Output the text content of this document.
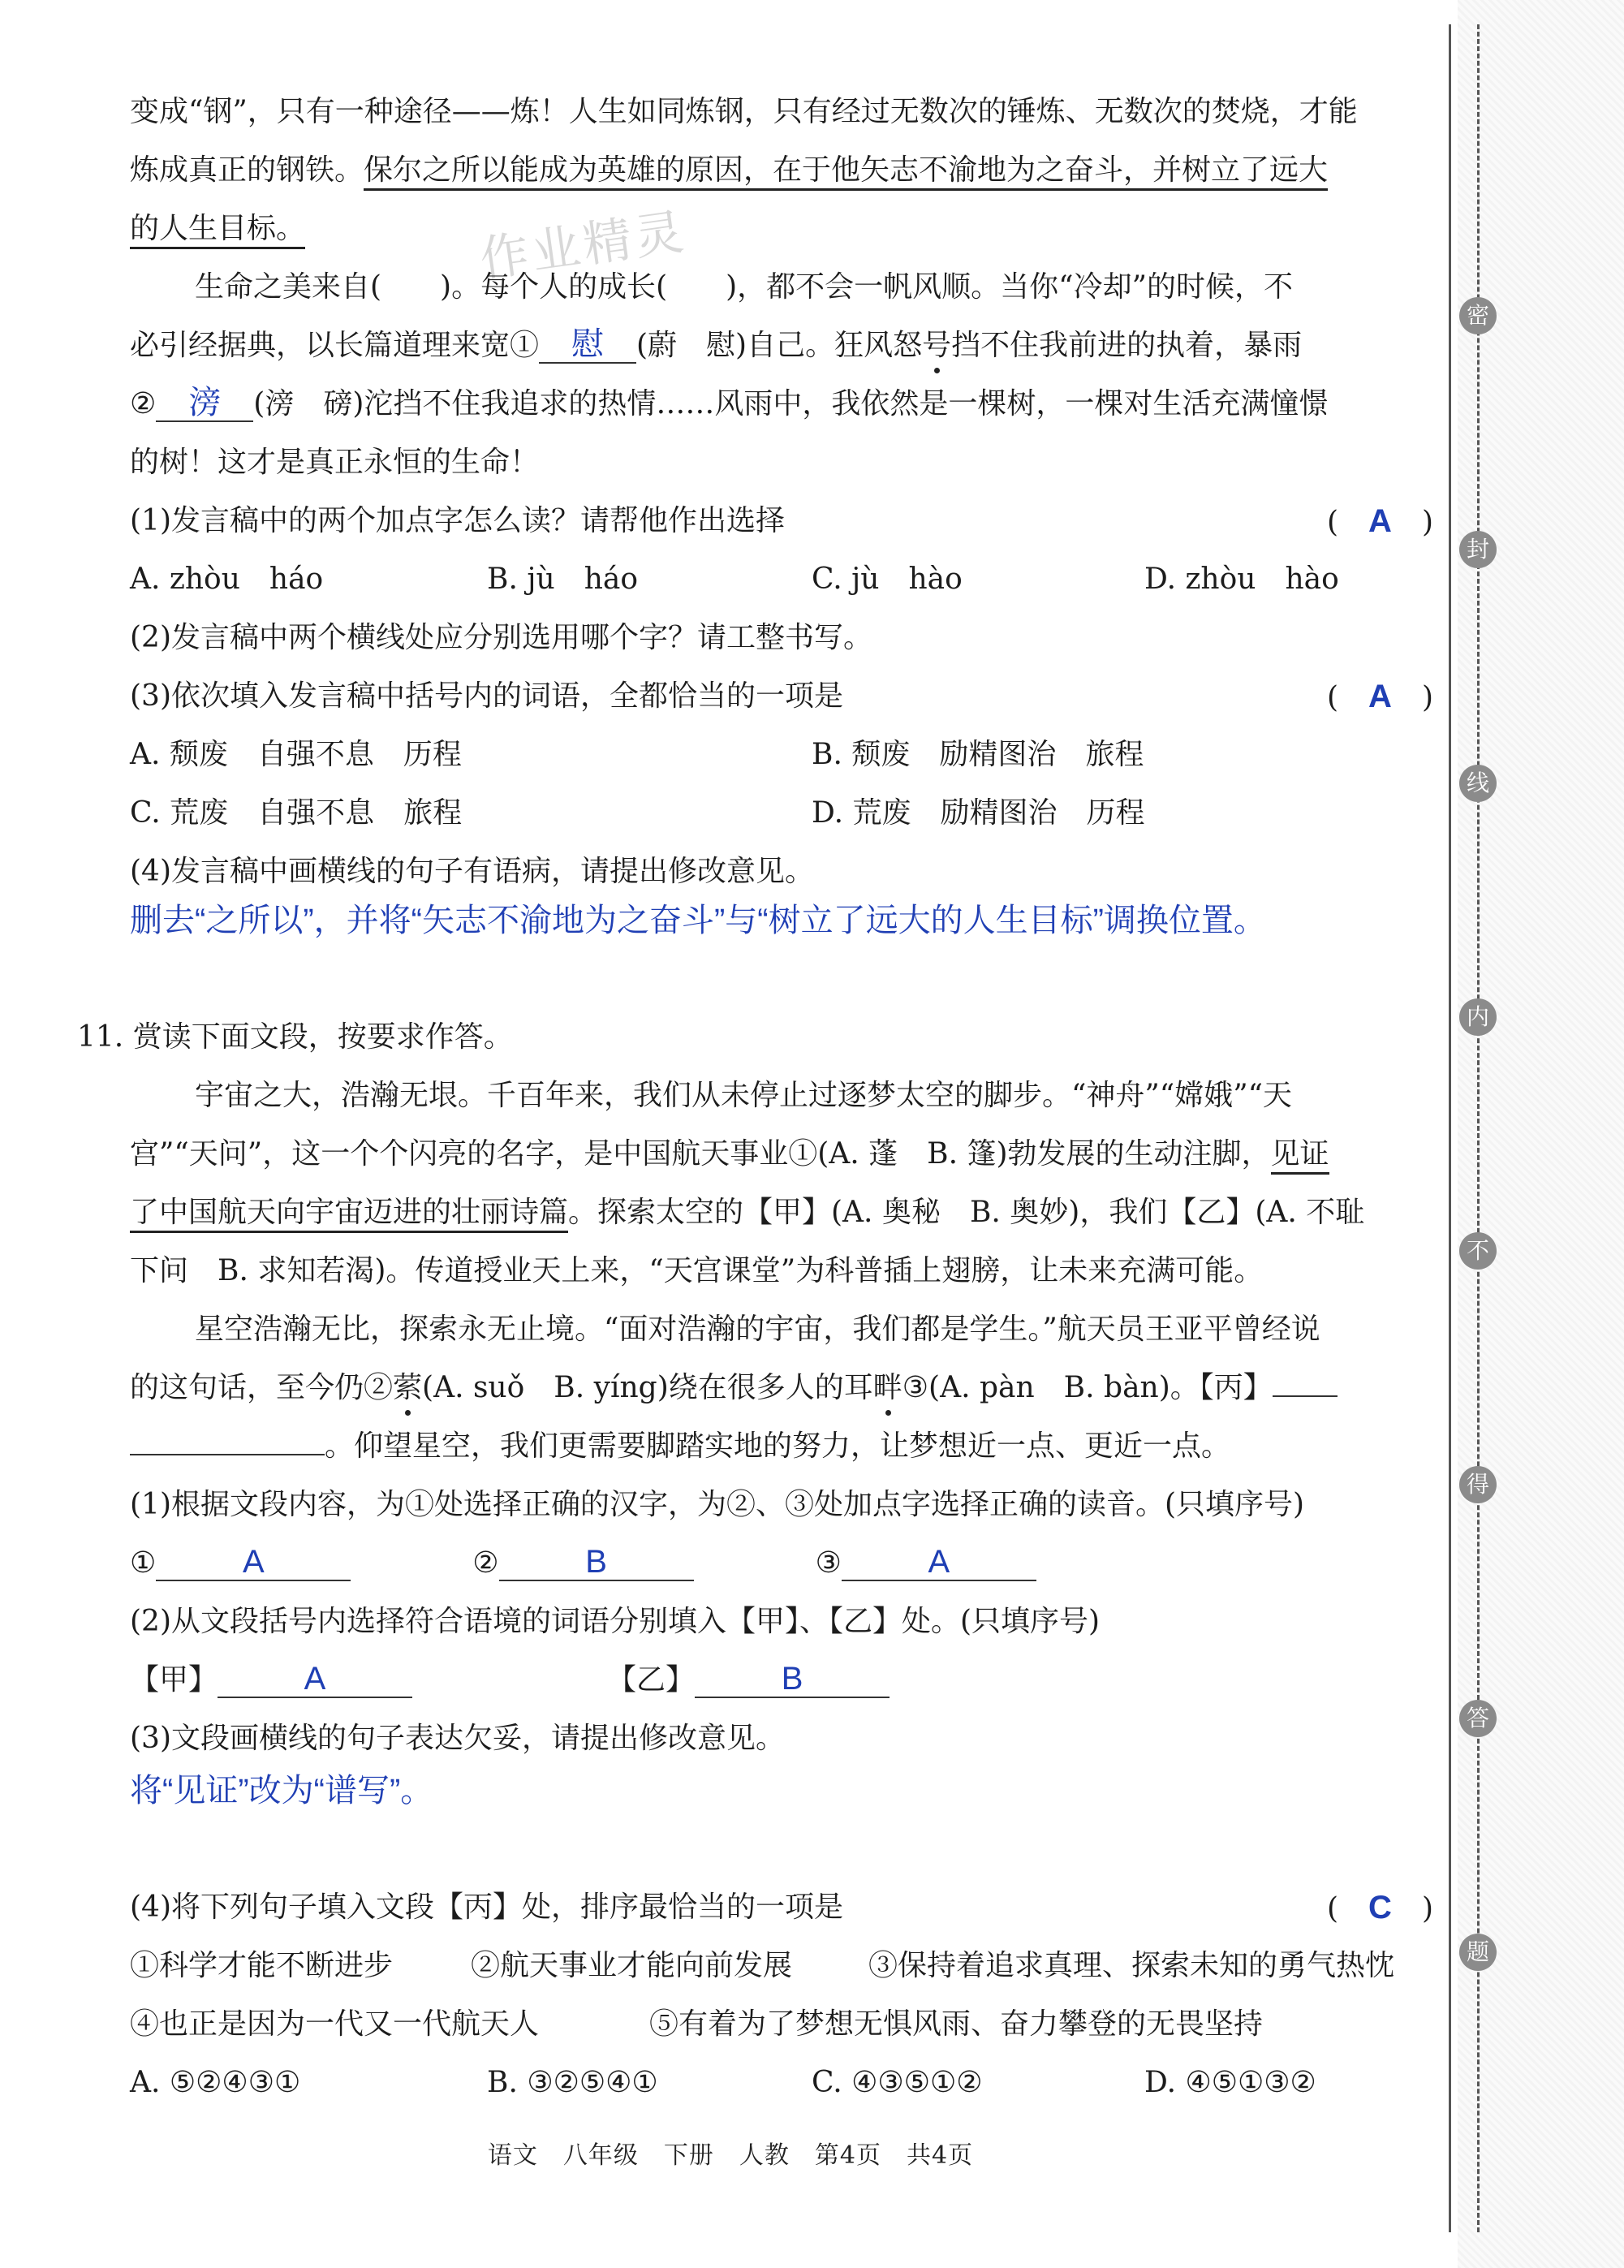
作业精灵
变成“钢”，只有一种途径——炼！人生如同炼钢，只有经过无数次的锤炼、无数次的焚烧，才能
炼成真正的钢铁。保尔之所以能成为英雄的原因，在于他矢志不渝地为之奋斗，并树立了远大
的人生目标。
生命之美来自(　　)。每个人的成长(　　)，都不会一帆风顺。当你“冷却”的时候，不
必引经据典，以长篇道理来宽① 慰 (蔚　慰)自己。狂风怒号挡不住我前进的执着，暴雨
② 滂 (滂　磅)沱挡不住我追求的热情……风雨中，我依然是一棵树，一棵对生活充满憧憬
的树！这才是真正永恒的生命！
(1)发言稿中的两个加点字怎么读？请帮他作出选择	( A )
A. zhòu　háo	B. jù　háo	C. jù　hào	D. zhòu　hào
(2)发言稿中两个横线处应分别选用哪个字？请工整书写。
(3)依次填入发言稿中括号内的词语，全都恰当的一项是	( A )
A. 颓废　自强不息　历程	B. 颓废　励精图治　旅程
C. 荒废　自强不息　旅程	D. 荒废　励精图治　历程
(4)发言稿中画横线的句子有语病，请提出修改意见。
删去“之所以”，并将“矢志不渝地为之奋斗”与“树立了远大的人生目标”调换位置。
11. 赏读下面文段，按要求作答。
宇宙之大，浩瀚无垠。千百年来，我们从未停止过逐梦太空的脚步。“神舟”“嫦娥”“天
宫”“天问”，这一个个闪亮的名字，是中国航天事业①(A. 蓬　B. 篷)勃发展的生动注脚，见证
了中国航天向宇宙迈进的壮丽诗篇。探索太空的【甲】(A. 奥秘　B. 奥妙)，我们【乙】(A. 不耻
下问　B. 求知若渴)。传道授业天上来，“天宫课堂”为科普插上翅膀，让未来充满可能。
星空浩瀚无比，探索永无止境。“面对浩瀚的宇宙，我们都是学生。”航天员王亚平曾经说
的这句话，至今仍②萦(A. suǒ　B. yíng)绕在很多人的耳畔③(A. pàn　B. bàn)。【丙】
。仰望星空，我们更需要脚踏实地的努力，让梦想近一点、更近一点。
(1)根据文段内容，为①处选择正确的汉字，为②、③处加点字选择正确的读音。(只填序号)
①	A	②	B	③	A
(2)从文段括号内选择符合语境的词语分别填入【甲】、【乙】处。(只填序号)
【甲】	A	【乙】	B
(3)文段画横线的句子表达欠妥，请提出修改意见。
将“见证”改为“谱写”。
(4)将下列句子填入文段【丙】处，排序最恰当的一项是	( C )
①科学才能不断进步	②航天事业才能向前发展	③保持着追求真理、探索未知的勇气热忱
④也正是因为一代又一代航天人	⑤有着为了梦想无惧风雨、奋力攀登的无畏坚持
A. ⑤②④③①	B. ③②⑤④①	C. ④③⑤①②	D. ④⑤①③②
语文　八年级　下册　人教　第4页　共4页
密
封
线
内
不
得
答
题
